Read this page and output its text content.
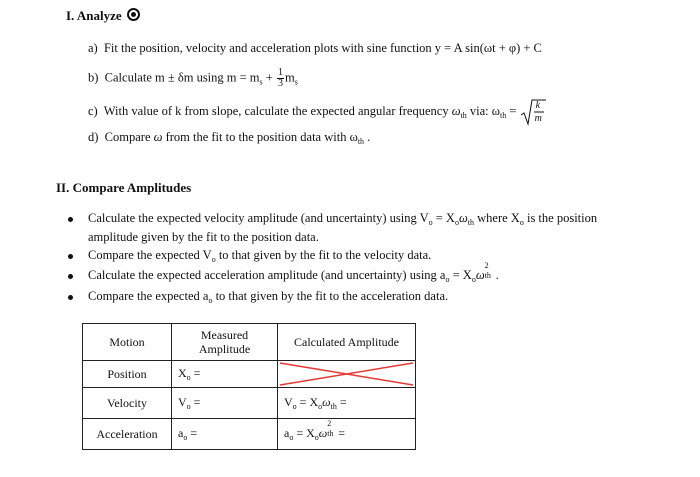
I. Analyze
a) Fit the position, velocity and acceleration plots with sine function y = A sin(ωt + φ) + C
b) Calculate m ± δm using $m = m_s + \frac{1}{3} m_s$
c) With value of k from slope, calculate the expected angular frequency $\omega_{th}$ via: $\omega_{th} = k$
m
d) Compare ω from the fit to the position data with $\omega_{th}$ .
II. Compare Amplitudes
Calculate the expected velocity amplitude (and uncertainty) using $V_o = X_o\omega_{th}$ where $X_o$ is the position
amplitude given by the fit to the position data.
Compare the expected $V_o$ to that given by the fit to the velocity data.
Calculate the expected acceleration amplitude (and uncertainty) using $a_o = X_o\omega$
2
th .
Compare the expected $a_o$ to that given by the fit to the acceleration data.
Motion	Measured Amplitude	Calculated Amplitude
Position	$X_o$ =	

Velocity	$V_o$ =	$V_o = X_o\omega_{th}$ =
Acceleration	$a_o$ =	$a_o = X_o\omega$
2
th =
